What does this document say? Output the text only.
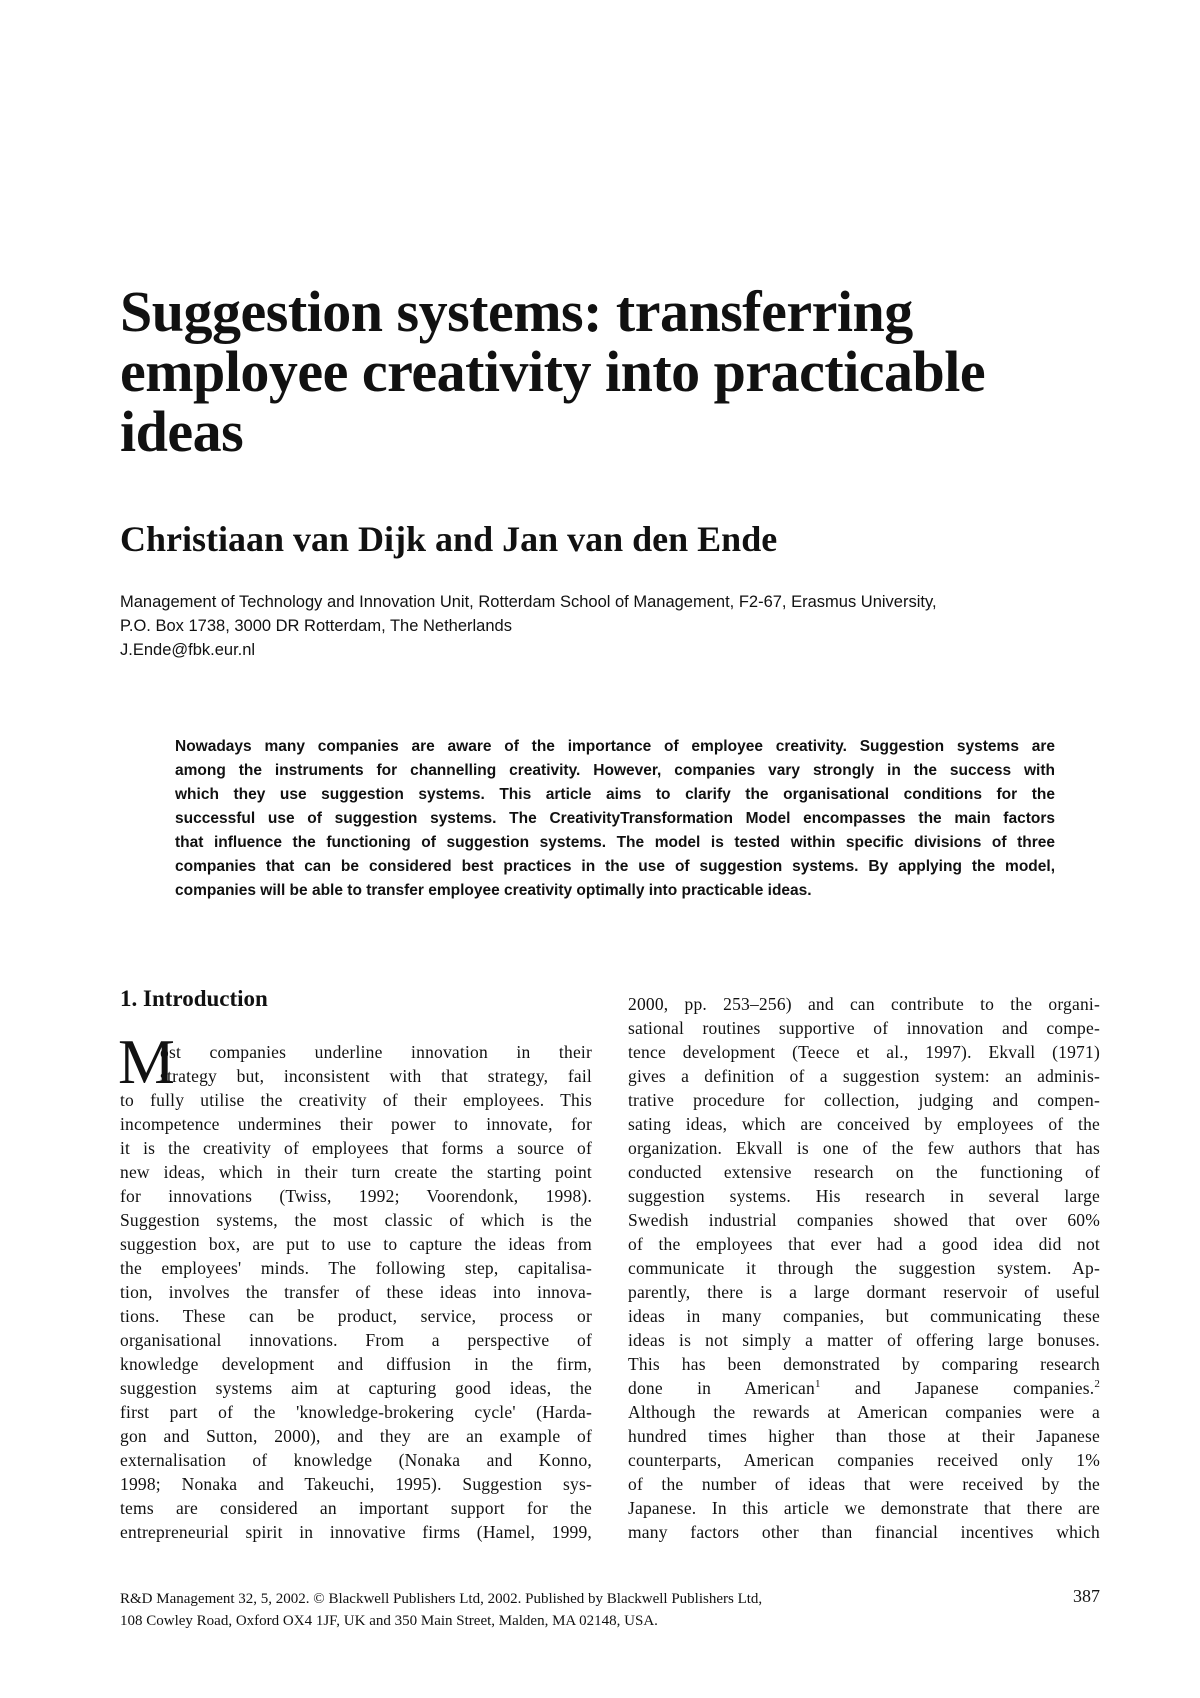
Suggestion systems: transferring
employee creativity into practicable
ideas
Christiaan van Dijk and Jan van den Ende
Management of Technology and Innovation Unit, Rotterdam School of Management, F2-67, Erasmus University,
P.O. Box 1738, 3000 DR Rotterdam, The Netherlands
J.Ende@fbk.eur.nl
Nowadays many companies are aware of the importance of employee creativity. Suggestion systems are
among the instruments for channelling creativity. However, companies vary strongly in the success with
which they use suggestion systems. This article aims to clarify the organisational conditions for the
successful use of suggestion systems. The CreativityTransformation Model encompasses the main factors
that influence the functioning of suggestion systems. The model is tested within specific divisions of three
companies that can be considered best practices in the use of suggestion systems. By applying the model,
companies will be able to transfer employee creativity optimally into practicable ideas.
1. Introduction
M
ost companies underline innovation in their
strategy but, inconsistent with that strategy, fail
to fully utilise the creativity of their employees. This
incompetence undermines their power to innovate, for
it is the creativity of employees that forms a source of
new ideas, which in their turn create the starting point
for innovations (Twiss, 1992; Voorendonk, 1998).
Suggestion systems, the most classic of which is the
suggestion box, are put to use to capture the ideas from
the employees' minds. The following step, capitalisa-
tion, involves the transfer of these ideas into innova-
tions. These can be product, service, process or
organisational innovations. From a perspective of
knowledge development and diffusion in the firm,
suggestion systems aim at capturing good ideas, the
first part of the 'knowledge-brokering cycle' (Harda-
gon and Sutton, 2000), and they are an example of
externalisation of knowledge (Nonaka and Konno,
1998; Nonaka and Takeuchi, 1995). Suggestion sys-
tems are considered an important support for the
entrepreneurial spirit in innovative firms (Hamel, 1999,
2000, pp. 253–256) and can contribute to the organi-
sational routines supportive of innovation and compe-
tence development (Teece et al., 1997). Ekvall (1971)
gives a definition of a suggestion system: an adminis-
trative procedure for collection, judging and compen-
sating ideas, which are conceived by employees of the
organization. Ekvall is one of the few authors that has
conducted extensive research on the functioning of
suggestion systems. His research in several large
Swedish industrial companies showed that over 60%
of the employees that ever had a good idea did not
communicate it through the suggestion system. Ap-
parently, there is a large dormant reservoir of useful
ideas in many companies, but communicating these
ideas is not simply a matter of offering large bonuses.
This has been demonstrated by comparing research
done in American$^1$ and Japanese companies.$^2$
Although the rewards at American companies were a
hundred times higher than those at their Japanese
counterparts, American companies received only 1%
of the number of ideas that were received by the
Japanese. In this article we demonstrate that there are
many factors other than financial incentives which
R&D Management 32, 5, 2002. © Blackwell Publishers Ltd, 2002. Published by Blackwell Publishers Ltd,
108 Cowley Road, Oxford OX4 1JF, UK and 350 Main Street, Malden, MA 02148, USA.
387
